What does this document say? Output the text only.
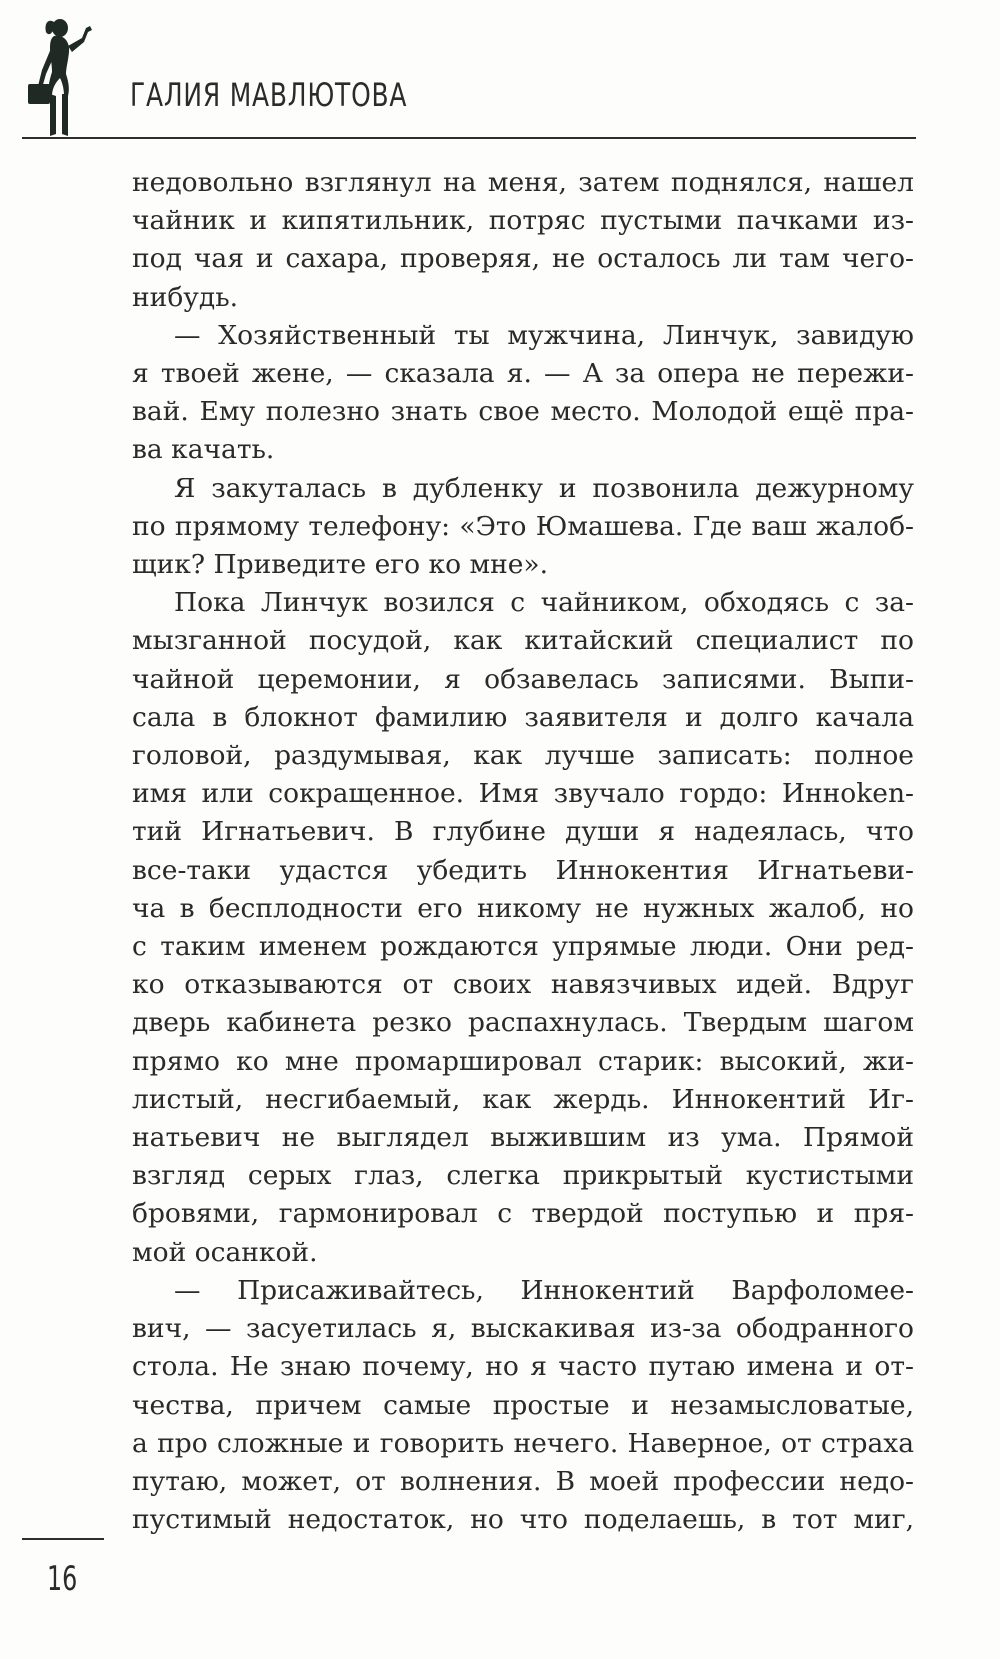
ГАЛИЯ МАВЛЮТОВА
недовольно взглянул на меня, затем поднялся, нашел
чайник и кипятильник, потряс пустыми пачками из-
под чая и сахара, проверяя, не осталось ли там чего-
нибудь.
— Хозяйственный ты мужчина, Линчук, завидую
я твоей жене, — сказала я. — А за опера не пережи-
вай. Ему полезно знать свое место. Молодой ещё пра-
ва качать.
Я закуталась в дубленку и позвонила дежурному
по прямому телефону: «Это Юмашева. Где ваш жалоб-
щик? Приведите его ко мне».
Пока Линчук возился с чайником, обходясь с за-
мызганной посудой, как китайский специалист по
чайной церемонии, я обзавелась записями. Выпи-
сала в блокнот фамилию заявителя и долго качала
головой, раздумывая, как лучше записать: полное
имя или сокращенное. Имя звучало гордо: Инноken-
тий Игнатьевич. В глубине души я надеялась, что
все-таки удастся убедить Иннокентия Игнатьеви-
ча в бесплодности его никому не нужных жалоб, но
с таким именем рождаются упрямые люди. Они ред-
ко отказываются от своих навязчивых идей. Вдруг
дверь кабинета резко распахнулась. Твердым шагом
прямо ко мне промаршировал старик: высокий, жи-
листый, несгибаемый, как жердь. Иннокентий Иг-
натьевич не выглядел выжившим из ума. Прямой
взгляд серых глаз, слегка прикрытый кустистыми
бровями, гармонировал с твердой поступью и пря-
мой осанкой.
— Присаживайтесь, Иннокентий Варфоломее-
вич, — засуетилась я, выскакивая из-за ободранного
стола. Не знаю почему, но я часто путаю имена и от-
чества, причем самые простые и незамысловатые,
а про сложные и говорить нечего. Наверное, от страха
путаю, может, от волнения. В моей профессии недо-
пустимый недостаток, но что поделаешь, в тот миг,
16
